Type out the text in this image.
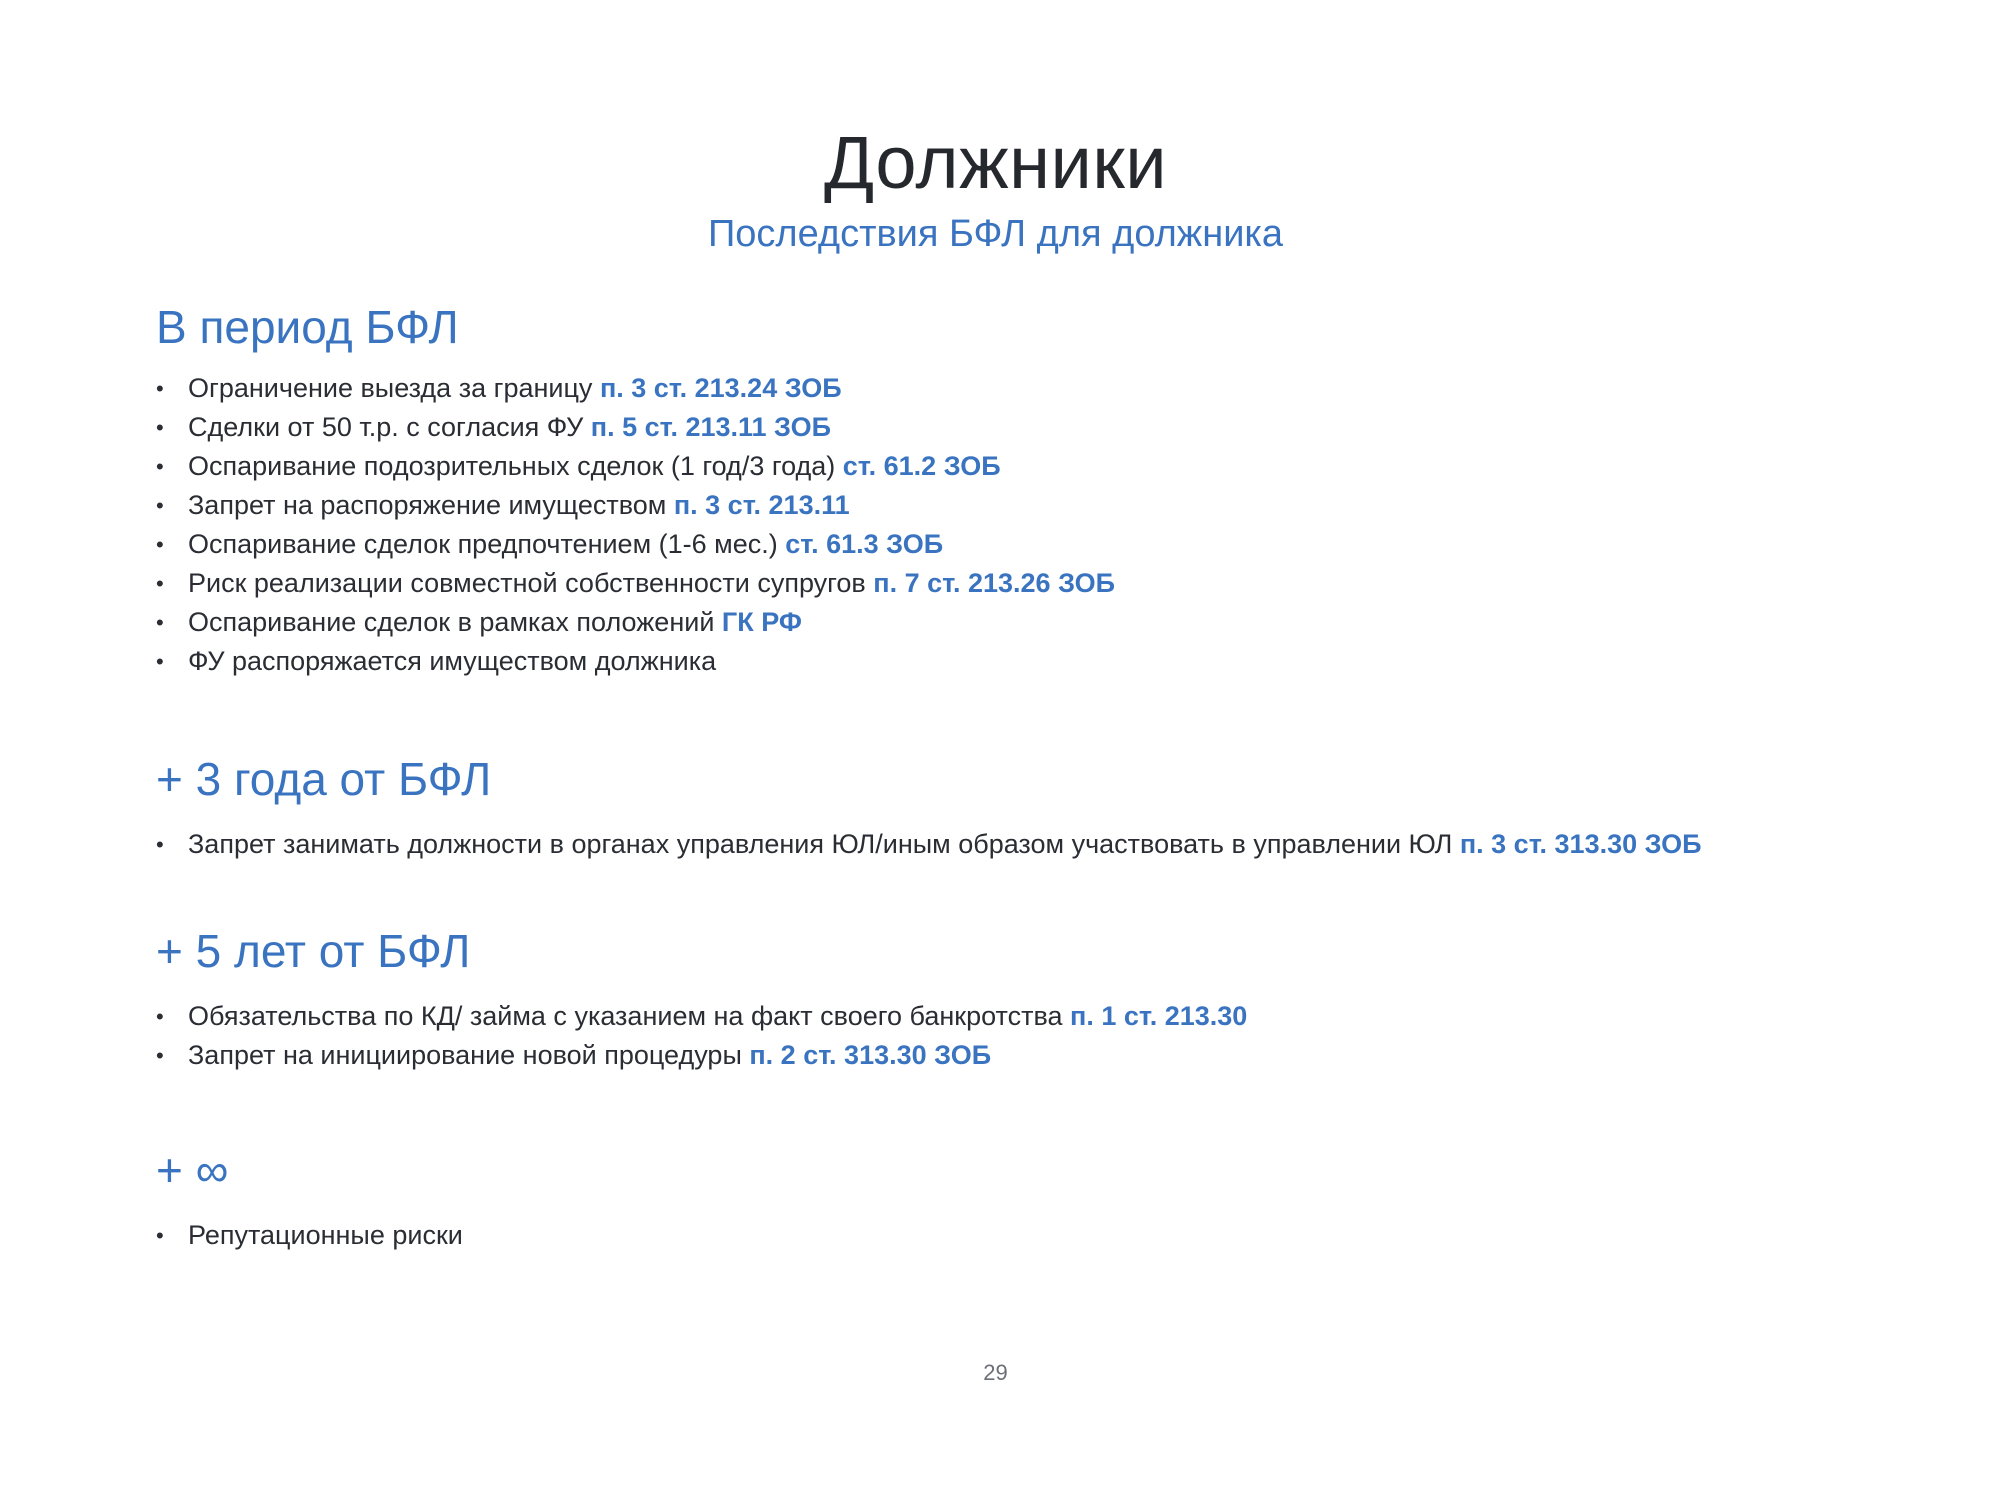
Должники
Последствия БФЛ для должника
В период БФЛ
• Ограничение выезда за границу п. 3 ст. 213.24 ЗОБ
• Сделки от 50 т.р. с согласия ФУ п. 5 ст. 213.11 ЗОБ
• Оспаривание подозрительных сделок (1 год/3 года) ст. 61.2 ЗОБ
• Запрет на распоряжение имуществом п. 3 ст. 213.11
• Оспаривание сделок предпочтением (1-6 мес.) ст. 61.3 ЗОБ
• Риск реализации совместной собственности супругов п. 7 ст. 213.26 ЗОБ
• Оспаривание сделок в рамках положений ГК РФ
• ФУ распоряжается имуществом должника
+ 3 года от БФЛ
• Запрет занимать должности в органах управления ЮЛ/иным образом участвовать в управлении ЮЛ п. 3 ст. 313.30 ЗОБ
+ 5 лет от БФЛ
• Обязательства по КД/ займа с указанием на факт своего банкротства п. 1 ст. 213.30
• Запрет на инициирование новой процедуры п. 2 ст. 313.30 ЗОБ
+ ∞
• Репутационные риски
29
